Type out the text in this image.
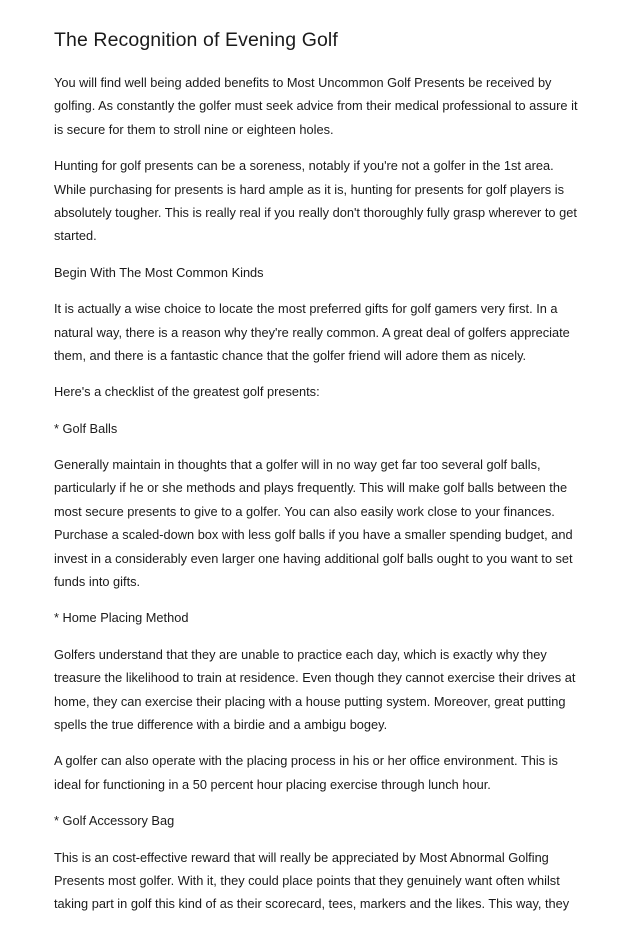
The Recognition of Evening Golf
You will find well being added benefits to Most Uncommon Golf Presents be received by
golfing. As constantly the golfer must seek advice from their medical professional to assure it
is secure for them to stroll nine or eighteen holes.
Hunting for golf presents can be a soreness, notably if you're not a golfer in the 1st area.
While purchasing for presents is hard ample as it is, hunting for presents for golf players is
absolutely tougher. This is really real if you really don't thoroughly fully grasp wherever to get
started.
Begin With The Most Common Kinds
It is actually a wise choice to locate the most preferred gifts for golf gamers very first. In a
natural way, there is a reason why they're really common. A great deal of golfers appreciate
them, and there is a fantastic chance that the golfer friend will adore them as nicely.
Here's a checklist of the greatest golf presents:
* Golf Balls
Generally maintain in thoughts that a golfer will in no way get far too several golf balls,
particularly if he or she methods and plays frequently. This will make golf balls between the
most secure presents to give to a golfer. You can also easily work close to your finances.
Purchase a scaled-down box with less golf balls if you have a smaller spending budget, and
invest in a considerably even larger one having additional golf balls ought to you want to set
funds into gifts.
* Home Placing Method
Golfers understand that they are unable to practice each day, which is exactly why they
treasure the likelihood to train at residence. Even though they cannot exercise their drives at
home, they can exercise their placing with a house putting system. Moreover, great putting
spells the true difference with a birdie and a ambigu bogey.
A golfer can also operate with the placing process in his or her office environment. This is
ideal for functioning in a 50 percent hour placing exercise through lunch hour.
* Golf Accessory Bag
This is an cost-effective reward that will really be appreciated by Most Abnormal Golfing
Presents most golfer. With it, they could place points that they genuinely want often whilst
taking part in golf this kind of as their scorecard, tees, markers and the likes. This way, they
